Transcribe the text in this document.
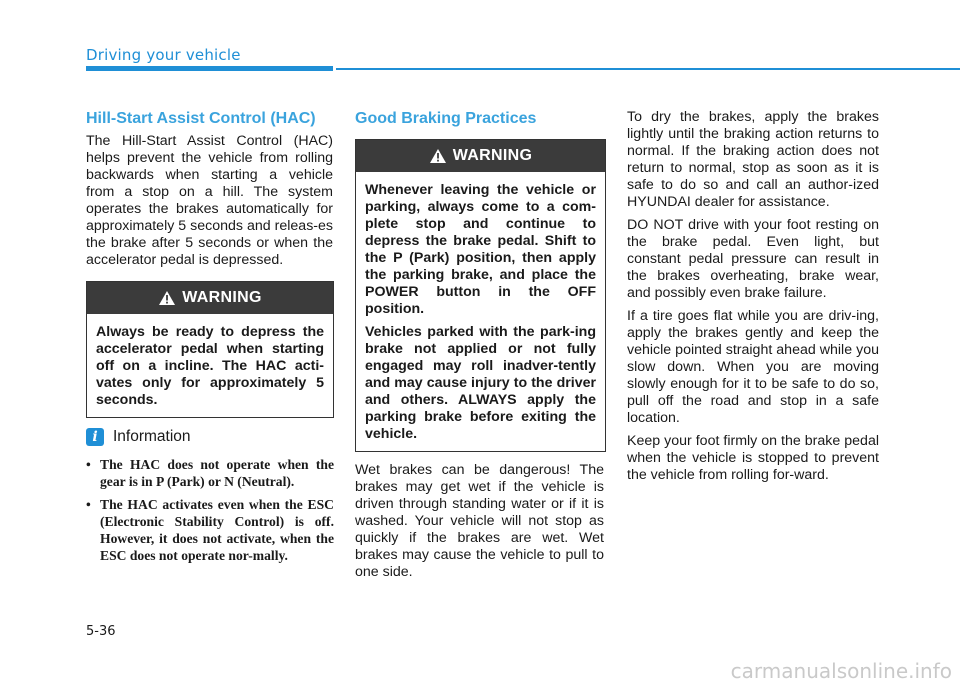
Driving your vehicle
Hill-Start Assist Control (HAC)

The Hill-Start Assist Control (HAC) helps prevent the vehicle from rolling backwards when starting a vehicle from a stop on a hill. The system operates the brakes automatically for approximately 5 seconds and releas-es the brake after 5 seconds or when the accelerator pedal is depressed.

WARNING
Always be ready to depress the accelerator pedal when starting off on a incline. The HAC acti-vates only for approximately 5 seconds.
i Information
• The HAC does not operate when the gear is in P (Park) or N (Neutral).
• The HAC activates even when the ESC (Electronic Stability Control) is off. However, it does not activate, when the ESC does not operate nor-mally.
Good Braking Practices
WARNING

Whenever leaving the vehicle or parking, always come to a com-plete stop and continue to depress the brake pedal. Shift to the P (Park) position, then apply the parking brake, and place the POWER button in the OFF position.

Vehicles parked with the park-ing brake not applied or not fully engaged may roll inadver-tently and may cause injury to the driver and others. ALWAYS apply the parking brake before exiting the vehicle.

Wet brakes can be dangerous! The brakes may get wet if the vehicle is driven through standing water or if it is washed. Your vehicle will not stop as quickly if the brakes are wet. Wet brakes may cause the vehicle to pull to one side.

To dry the brakes, apply the brakes lightly until the braking action returns to normal. If the braking action does not return to normal, stop as soon as it is safe to do so and call an author-ized HYUNDAI dealer for assistance.

DO NOT drive with your foot resting on the brake pedal. Even light, but constant pedal pressure can result in the brakes overheating, brake wear, and possibly even brake failure.

If a tire goes flat while you are driv-ing, apply the brakes gently and keep the vehicle pointed straight ahead while you slow down. When you are moving slowly enough for it to be safe to do so, pull off the road and stop in a safe location.

Keep your foot firmly on the brake pedal when the vehicle is stopped to prevent the vehicle from rolling for-ward.

5-36
carmanualsonline.info
